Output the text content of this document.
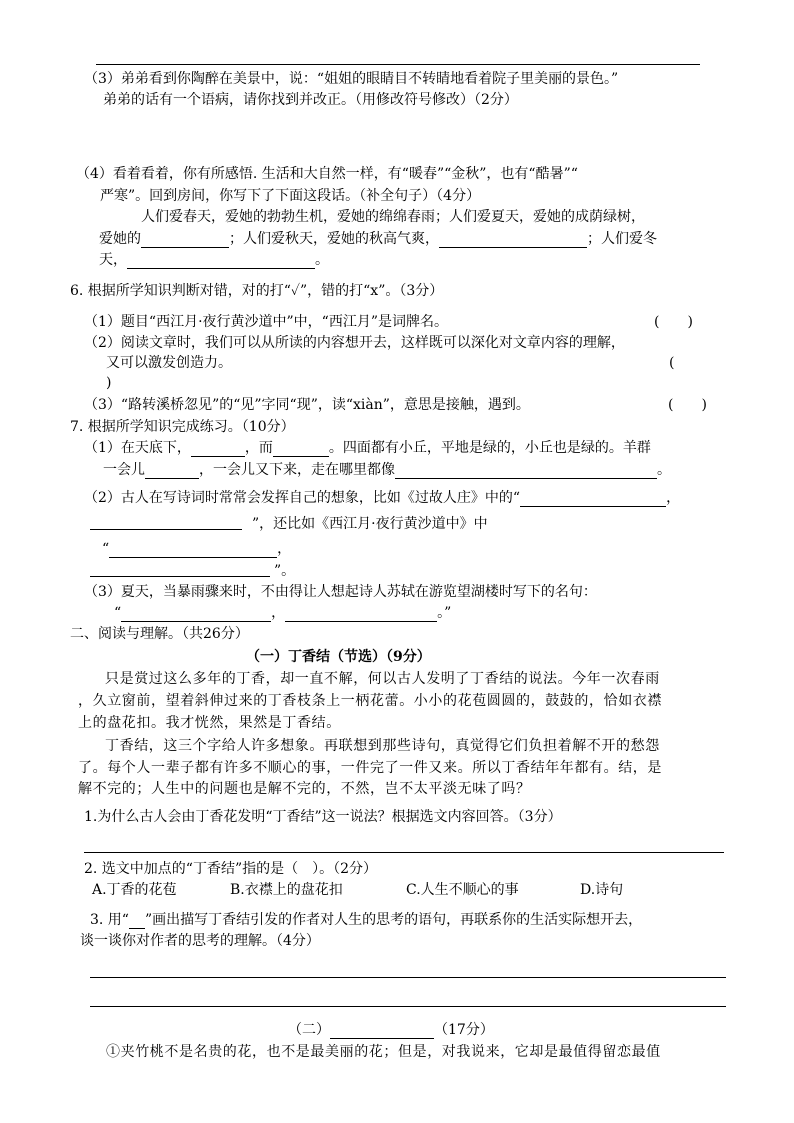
（3）弟弟看到你陶醉在美景中，说：“姐姐的眼睛目不转睛地看着院子里美丽的景色。”
弟弟的话有一个语病，请你找到并改正。（用修改符号修改）（2分）
（4）看着看着，你有所感悟. 生活和大自然一样，有“暖春”“金秋”，也有“酷暑”“
严寒”。回到房间，你写下了下面这段话。（补全句子）（4分）
人们爱春天，爱她的勃勃生机，爱她的绵绵春雨；人们爱夏天，爱她的成荫绿树，
爱她的	；人们爱秋天，爱她的秋高气爽，	；人们爱冬
天，	。
6. 根据所学知识判断对错，对的打“✓”，错的打“x”。（3分）
（1）题目“西江月·夜行黄沙道中”中，“西江月”是词牌名。	(　　)
（2）阅读文章时，我们可以从所读的内容想开去，这样既可以深化对文章内容的理解，
又可以激发创造力。	(
)
（3）“路转溪桥忽见”的“见”字同“现”，读“xiàn”，意思是接触，遇到。	(　　)
7. 根据所学知识完成练习。（10分）
（1）在天底下，	，而	。四面都有小丘，平地是绿的，小丘也是绿的。羊群
一会儿	，一会儿又下来，走在哪里都像	。
（2）古人在写诗词时常常会发挥自己的想象，比如《过故人庄》中的“	，
”，还比如《西江月·夜行黄沙道中》中
“	，
”。
（3）夏天，当暴雨骤来时，不由得让人想起诗人苏轼在游览望湖楼时写下的名句：
“	，	。”
二、阅读与理解。（共26分）
（一）丁香结（节选）（9分）
只是赏过这么多年的丁香，却一直不解，何以古人发明了丁香结的说法。今年一次春雨
，久立窗前，望着斜伸过来的丁香枝条上一柄花蕾。小小的花苞圆圆的，鼓鼓的，恰如衣襟
上的盘花扣。我才恍然，果然是丁香结。
丁香结，这三个字给人许多想象。再联想到那些诗句，真觉得它们负担着解不开的愁怨
了。每个人一辈子都有许多不顺心的事，一件完了一件又来。所以丁香结年年都有。结，是
解不完的；人生中的问题也是解不完的，不然，岂不太平淡无味了吗？
1.为什么古人会由丁香花发明“丁香结”这一说法？根据选文内容回答。（3分）
2. 选文中加点的“丁香结”指的是（　）。（2分）
A.丁香的花苞	B.衣襟上的盘花扣	C.人生不顺心的事	D.诗句
3. 用“ ”画出描写丁香结引发的作者对人生的思考的语句，再联系你的生活实际想开去，
谈一谈你对作者的思考的理解。（4分）
（二）	（17分）
①夹竹桃不是名贵的花，也不是最美丽的花；但是，对我说来，它却是最值得留恋最值
